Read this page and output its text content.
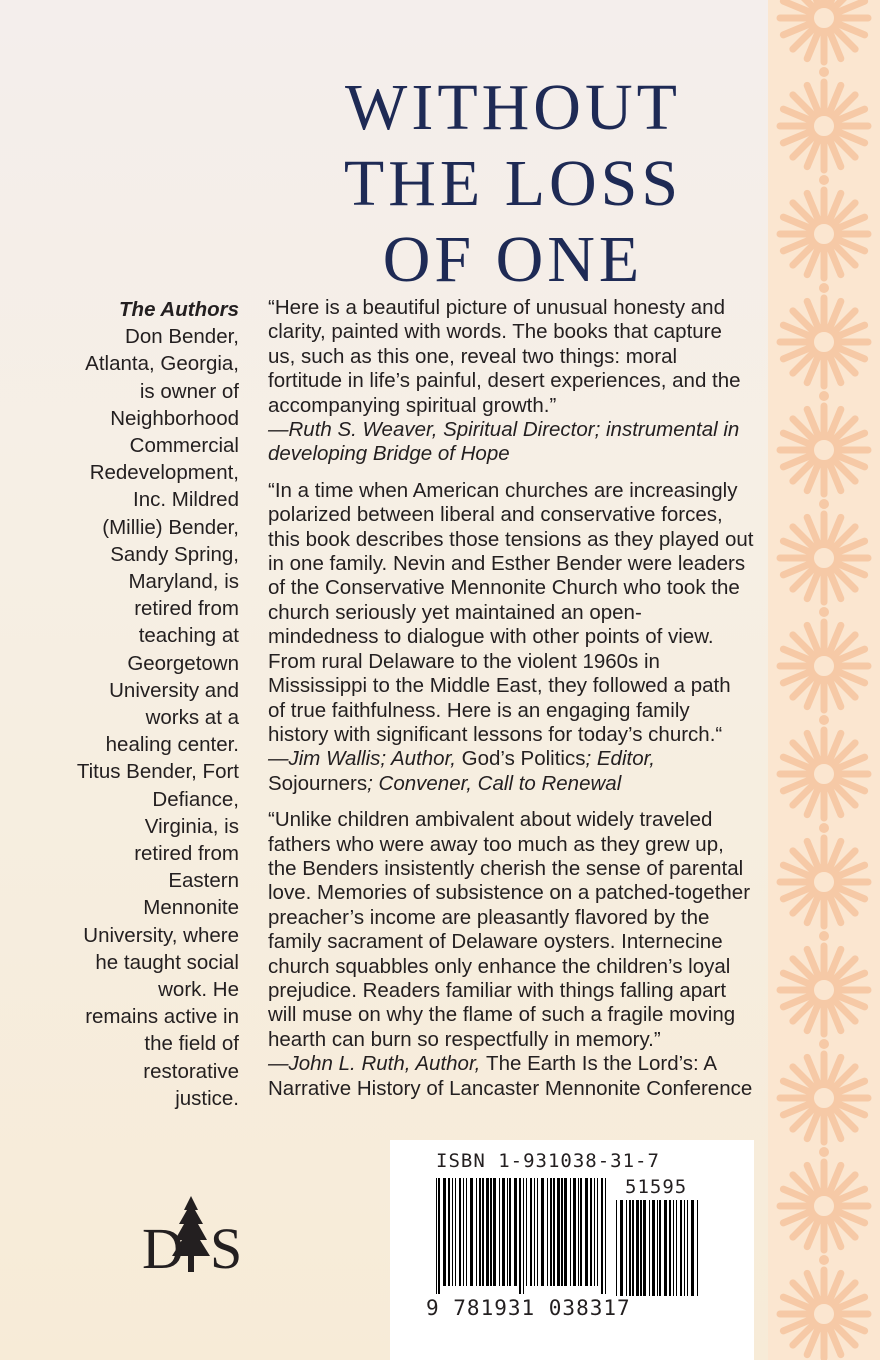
WITHOUT
THE LOSS
OF ONE
The Authors
Don Bender,
Atlanta, Georgia,
is owner of
Neighborhood
Commercial
Redevelopment,
Inc. Mildred
(Millie) Bender,
Sandy Spring,
Maryland, is
retired from
teaching at
Georgetown
University and
works at a
healing center.
Titus Bender, Fort
Defiance,
Virginia, is
retired from
Eastern
Mennonite
University, where
he taught social
work. He
remains active in
the field of
restorative
justice.
“Here is a beautiful picture of unusual honesty and
clarity, painted with words. The books that capture
us, such as this one, reveal two things: moral
fortitude in life’s painful, desert experiences, and the
accompanying spiritual growth.”
—Ruth S. Weaver, Spiritual Director; instrumental in
developing Bridge of Hope
“In a time when American churches are increasingly
polarized between liberal and conservative forces,
this book describes those tensions as they played out
in one family. Nevin and Esther Bender were leaders
of the Conservative Mennonite Church who took the
church seriously yet maintained an open-
mindedness to dialogue with other points of view.
From rural Delaware to the violent 1960s in
Mississippi to the Middle East, they followed a path
of true faithfulness. Here is an engaging family
history with significant lessons for today’s church.“
—Jim Wallis; Author, God’s Politics; Editor,
Sojourners; Convener, Call to Renewal
“Unlike children ambivalent about widely traveled
fathers who were away too much as they grew up,
the Benders insistently cherish the sense of parental
love. Memories of subsistence on a patched-together
preacher’s income are pleasantly flavored by the
family sacrament of Delaware oysters. Internecine
church squabbles only enhance the children’s loyal
prejudice. Readers familiar with things falling apart
will muse on why the flame of such a fragile moving
hearth can burn so respectfully in memory.”
—John L. Ruth, Author, The Earth Is the Lord’s: A
Narrative History of Lancaster Mennonite Conference
D S
ISBN 1-931038-31-7
51595
9 781931 038317
